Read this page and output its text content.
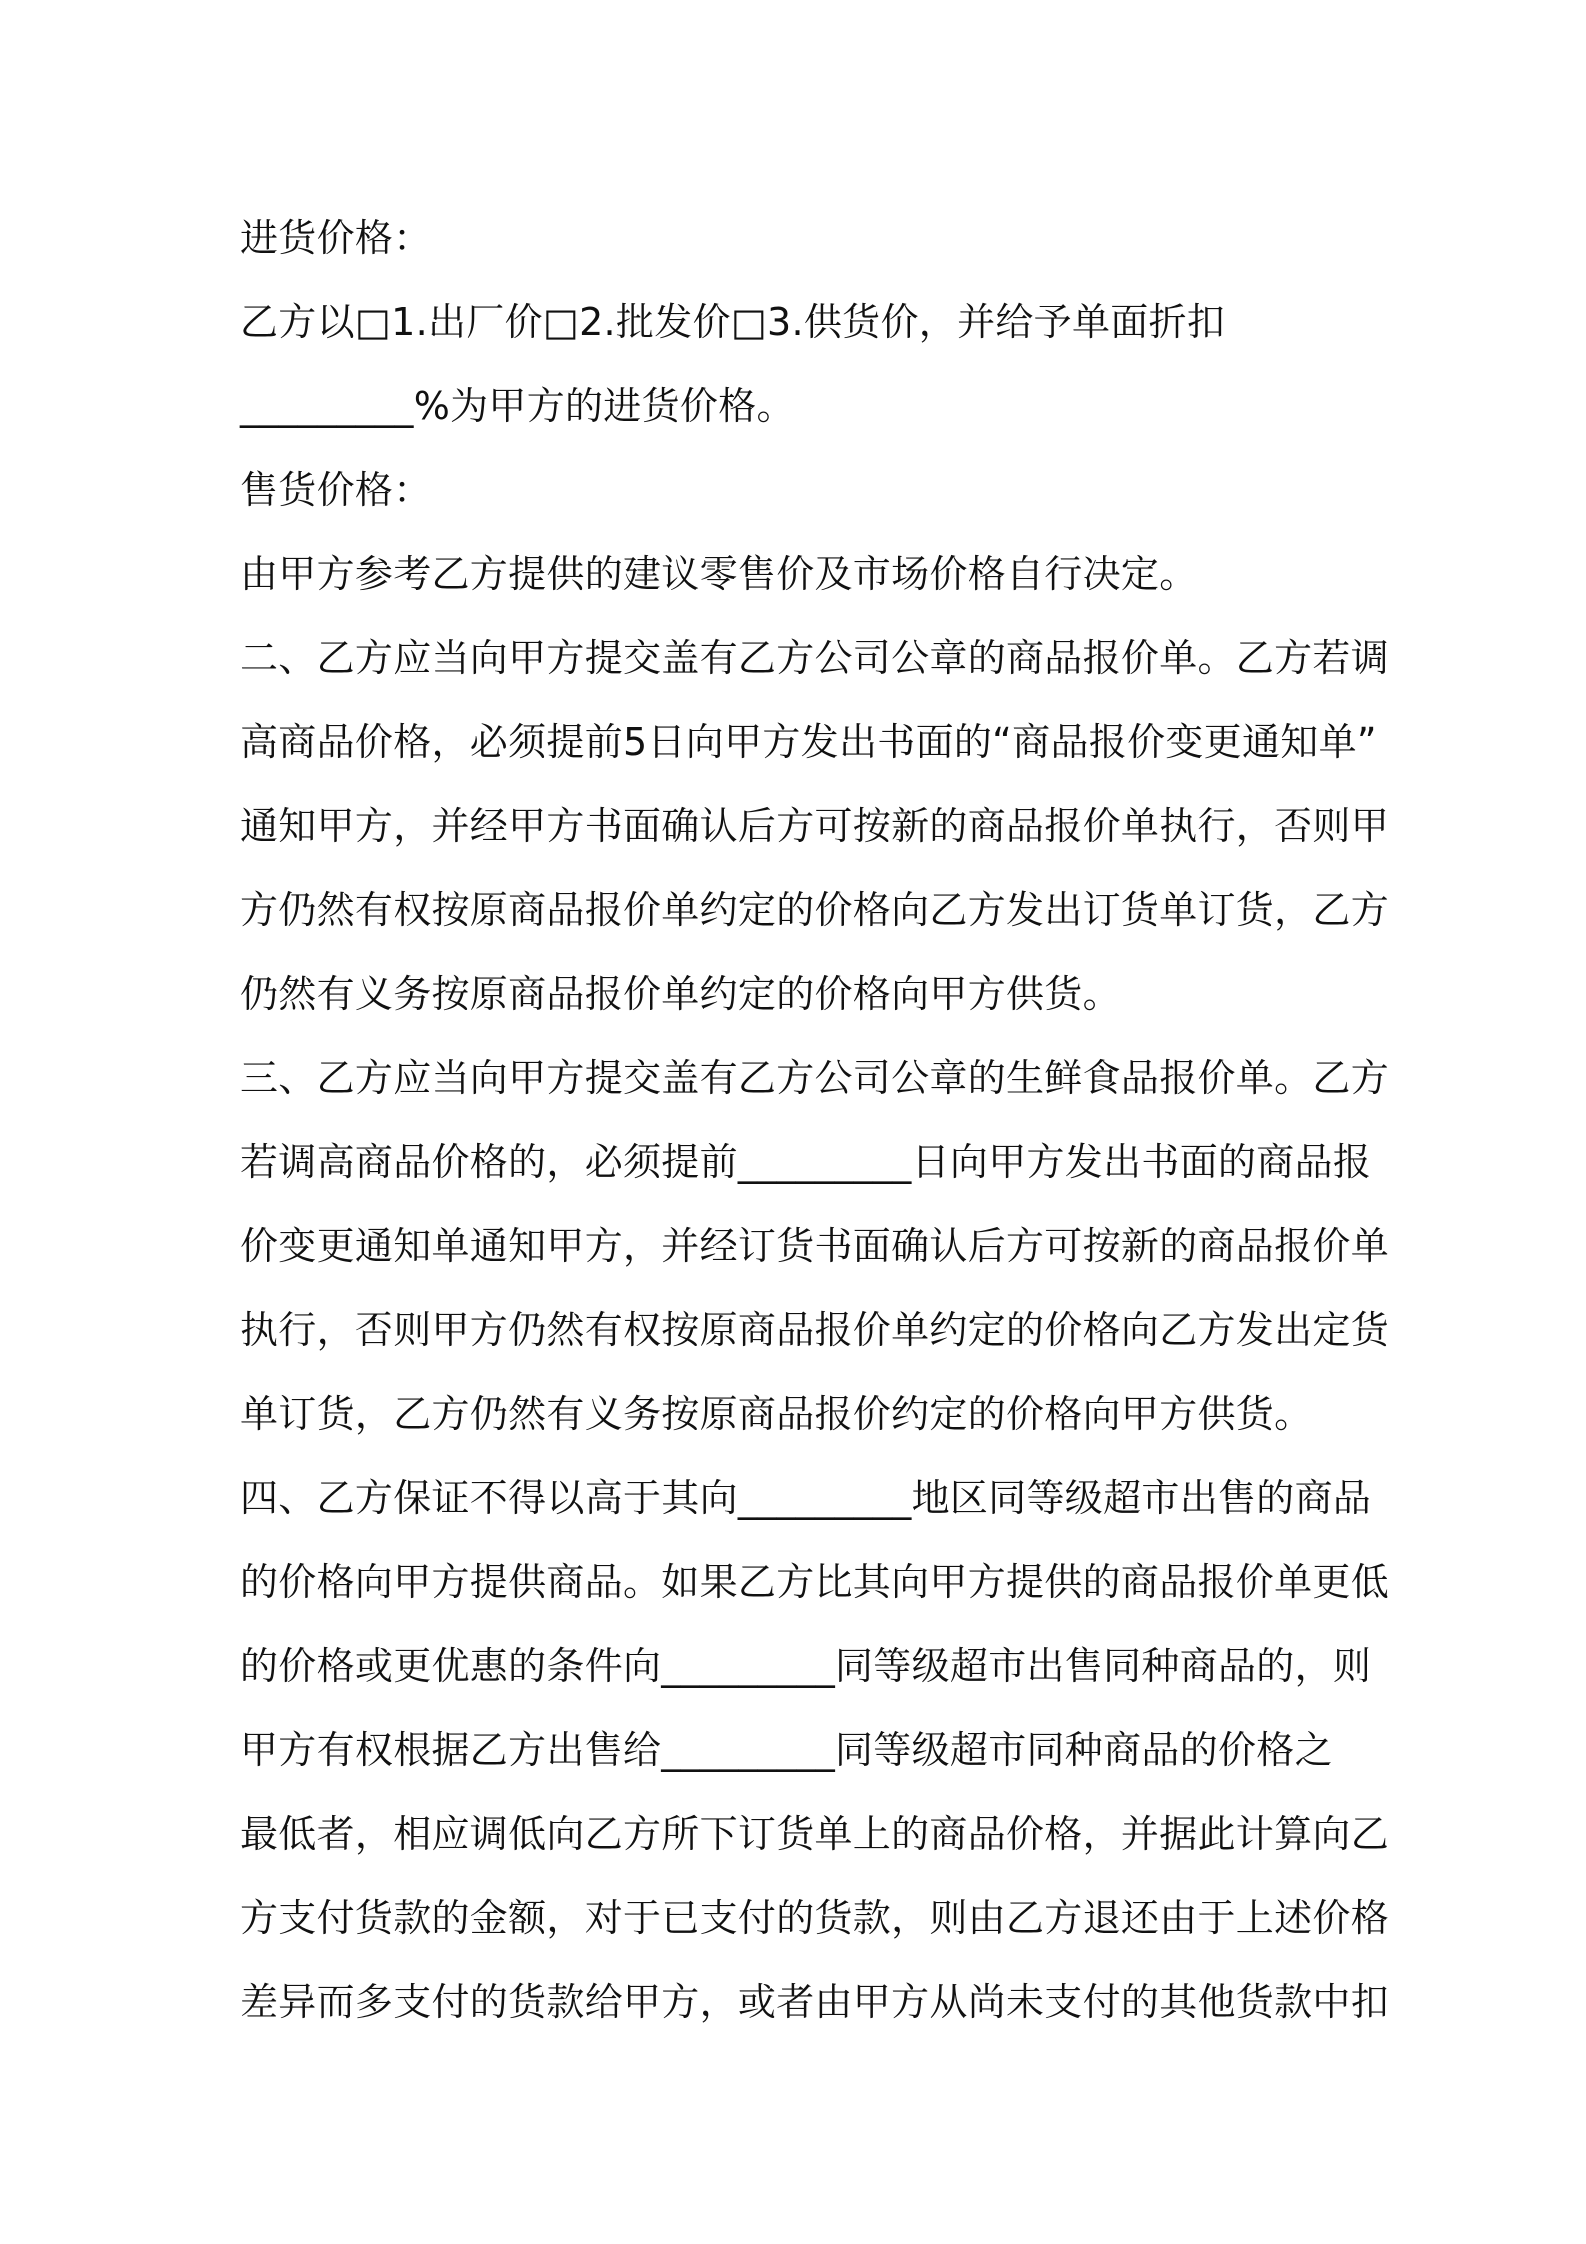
进货价格：
乙方以□1.出厂价□2.批发价□3.供货价，并给予单面折扣
_________%为甲方的进货价格。
售货价格：
由甲方参考乙方提供的建议零售价及市场价格自行决定。
二、乙方应当向甲方提交盖有乙方公司公章的商品报价单。乙方若调
高商品价格，必须提前5日向甲方发出书面的“商品报价变更通知单”
通知甲方，并经甲方书面确认后方可按新的商品报价单执行，否则甲
方仍然有权按原商品报价单约定的价格向乙方发出订货单订货，乙方
仍然有义务按原商品报价单约定的价格向甲方供货。
三、乙方应当向甲方提交盖有乙方公司公章的生鲜食品报价单。乙方
若调高商品价格的，必须提前_________日向甲方发出书面的商品报
价变更通知单通知甲方，并经订货书面确认后方可按新的商品报价单
执行，否则甲方仍然有权按原商品报价单约定的价格向乙方发出定货
单订货，乙方仍然有义务按原商品报价约定的价格向甲方供货。
四、乙方保证不得以高于其向_________地区同等级超市出售的商品
的价格向甲方提供商品。如果乙方比其向甲方提供的商品报价单更低
的价格或更优惠的条件向_________同等级超市出售同种商品的，则
甲方有权根据乙方出售给_________同等级超市同种商品的价格之
最低者，相应调低向乙方所下订货单上的商品价格，并据此计算向乙
方支付货款的金额，对于已支付的货款，则由乙方退还由于上述价格
差异而多支付的货款给甲方，或者由甲方从尚未支付的其他货款中扣
